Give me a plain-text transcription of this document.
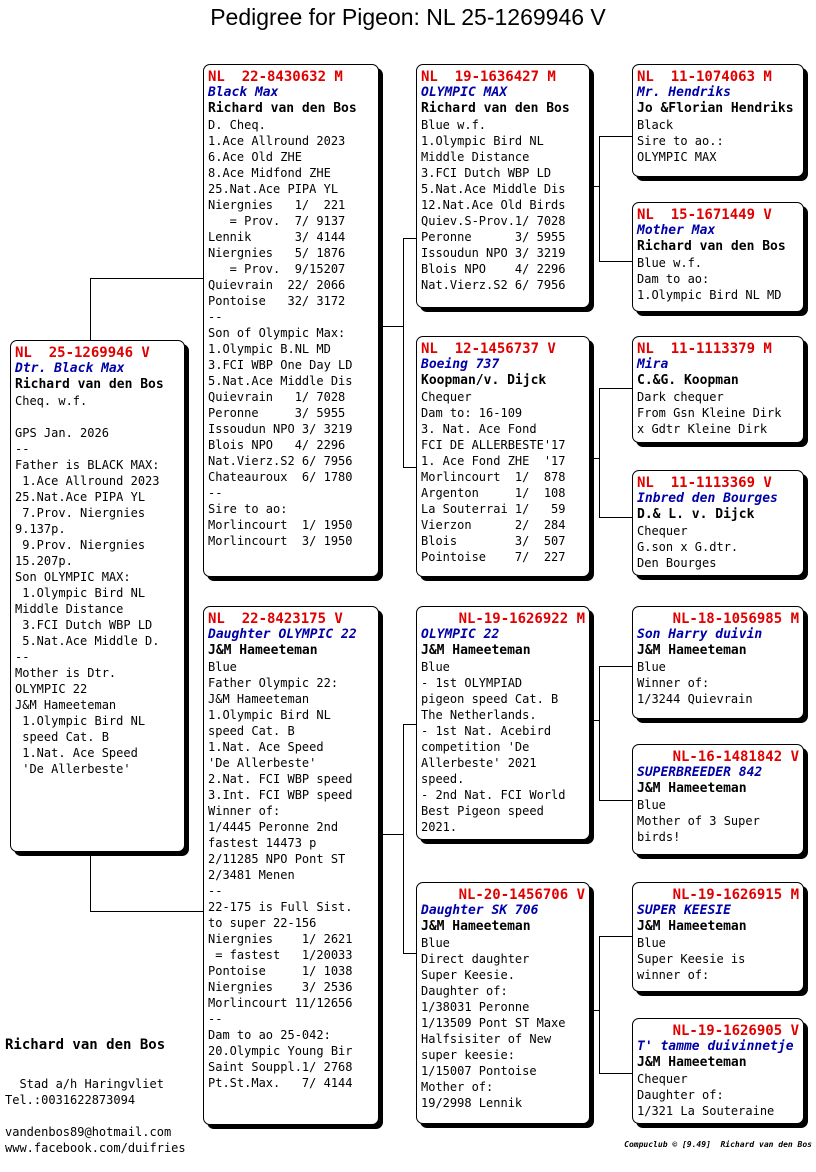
Pedigree for Pigeon: NL 25-1269946 V
NL  25-1269946 V
Dtr. Black Max
Richard van den Bos
Cheq. w.f.

GPS Jan. 2026
--
Father is BLACK MAX:
1.Ace Allround 2023
25.Nat.Ace PIPA YL
7.Prov. Niergnies
9.137p.
9.Prov. Niergnies
15.207p.
Son OLYMPIC MAX:
1.Olympic Bird NL
Middle Distance
3.FCI Dutch WBP LD
5.Nat.Ace Middle D.
--
Mother is Dtr.
OLYMPIC 22
J&M Hameeteman
1.Olympic Bird NL
speed Cat. B
1.Nat. Ace Speed
'De Allerbeste'
NL  22-8430632 M
Black Max
Richard van den Bos
D. Cheq.
1.Ace Allround 2023
6.Ace Old ZHE
8.Ace Midfond ZHE
25.Nat.Ace PIPA YL
Niergnies   1/  221
= Prov.  7/ 9137
Lennik      3/ 4144
Niergnies   5/ 1876
= Prov.  9/15207
Quievrain  22/ 2066
Pontoise   32/ 3172
--
Son of Olympic Max:
1.Olympic B.NL MD
3.FCI WBP One Day LD
5.Nat.Ace Middle Dis
Quievrain   1/ 7028
Peronne     3/ 5955
Issoudun NPO 3/ 3219
Blois NPO   4/ 2296
Nat.Vierz.S2 6/ 7956
Chateauroux  6/ 1780
--
Sire to ao:
Morlincourt  1/ 1950
Morlincourt  3/ 1950
NL  22-8423175 V
Daughter OLYMPIC 22
J&M Hameeteman
Blue
Father Olympic 22:
J&M Hameeteman
1.Olympic Bird NL
speed Cat. B
1.Nat. Ace Speed
'De Allerbeste'
2.Nat. FCI WBP speed
3.Int. FCI WBP speed
Winner of:
1/4445 Peronne 2nd
fastest 14473 p
2/11285 NPO Pont ST
2/3481 Menen
--
22-175 is Full Sist.
to super 22-156
Niergnies    1/ 2621
= fastest   1/20033
Pontoise     1/ 1038
Niergnies    3/ 2536
Morlincourt 11/12656
--
Dam to ao 25-042:
20.Olympic Young Bir
Saint Souppl.1/ 2768
Pt.St.Max.   7/ 4144
NL  19-1636427 M
OLYMPIC MAX
Richard van den Bos
Blue w.f.
1.Olympic Bird NL
Middle Distance
3.FCI Dutch WBP LD
5.Nat.Ace Middle Dis
12.Nat.Ace Old Birds
Quiev.S-Prov.1/ 7028
Peronne      3/ 5955
Issoudun NPO 3/ 3219
Blois NPO    4/ 2296
Nat.Vierz.S2 6/ 7956
NL  12-1456737 V
Boeing 737
Koopman/v. Dijck
Chequer
Dam to: 16-109
3. Nat. Ace Fond
FCI DE ALLERBESTE'17
1. Ace Fond ZHE  '17
Morlincourt  1/  878
Argenton     1/  108
La Souterrai 1/   59
Vierzon      2/  284
Blois        3/  507
Pointoise    7/  227
NL-19-1626922 M
OLYMPIC 22
J&M Hameeteman
Blue
- 1st OLYMPIAD
pigeon speed Cat. B
The Netherlands.
- 1st Nat. Acebird
competition 'De
Allerbeste' 2021
speed.
- 2nd Nat. FCI World
Best Pigeon speed
2021.
NL-20-1456706 V
Daughter SK 706
J&M Hameeteman
Blue
Direct daughter
Super Keesie.
Daughter of:
1/38031 Peronne
1/13509 Pont ST Maxe
Halfsisiter of New
super keesie:
1/15007 Pontoise
Mother of:
19/2998 Lennik
NL  11-1074063 M
Mr. Hendriks
Jo &Florian Hendriks
Black
Sire to ao.:
OLYMPIC MAX
NL  15-1671449 V
Mother Max
Richard van den Bos
Blue w.f.
Dam to ao:
1.Olympic Bird NL MD
NL  11-1113379 M
Mira
C.&G. Koopman
Dark chequer
From Gsn Kleine Dirk
x Gdtr Kleine Dirk
NL  11-1113369 V
Inbred den Bourges
D.& L. v. Dijck
Chequer
G.son x G.dtr.
Den Bourges
NL-18-1056985 M
Son Harry duivin
J&M Hameeteman
Blue
Winner of:
1/3244 Quievrain
NL-16-1481842 V
SUPERBREEDER 842
J&M Hameeteman
Blue
Mother of 3 Super
birds!
NL-19-1626915 M
SUPER KEESIE
J&M Hameeteman
Blue
Super Keesie is
winner of:
NL-19-1626905 V
T' tamme duivinnetje
J&M Hameeteman
Chequer
Daughter of:
1/321 La Souteraine
Richard van den Bos
Stad a/h Haringvliet
Tel.:0031622873094
vandenbos89@hotmail.com
www.facebook.com/duifries	Compuclub © [9.49]  Richard van den Bos
